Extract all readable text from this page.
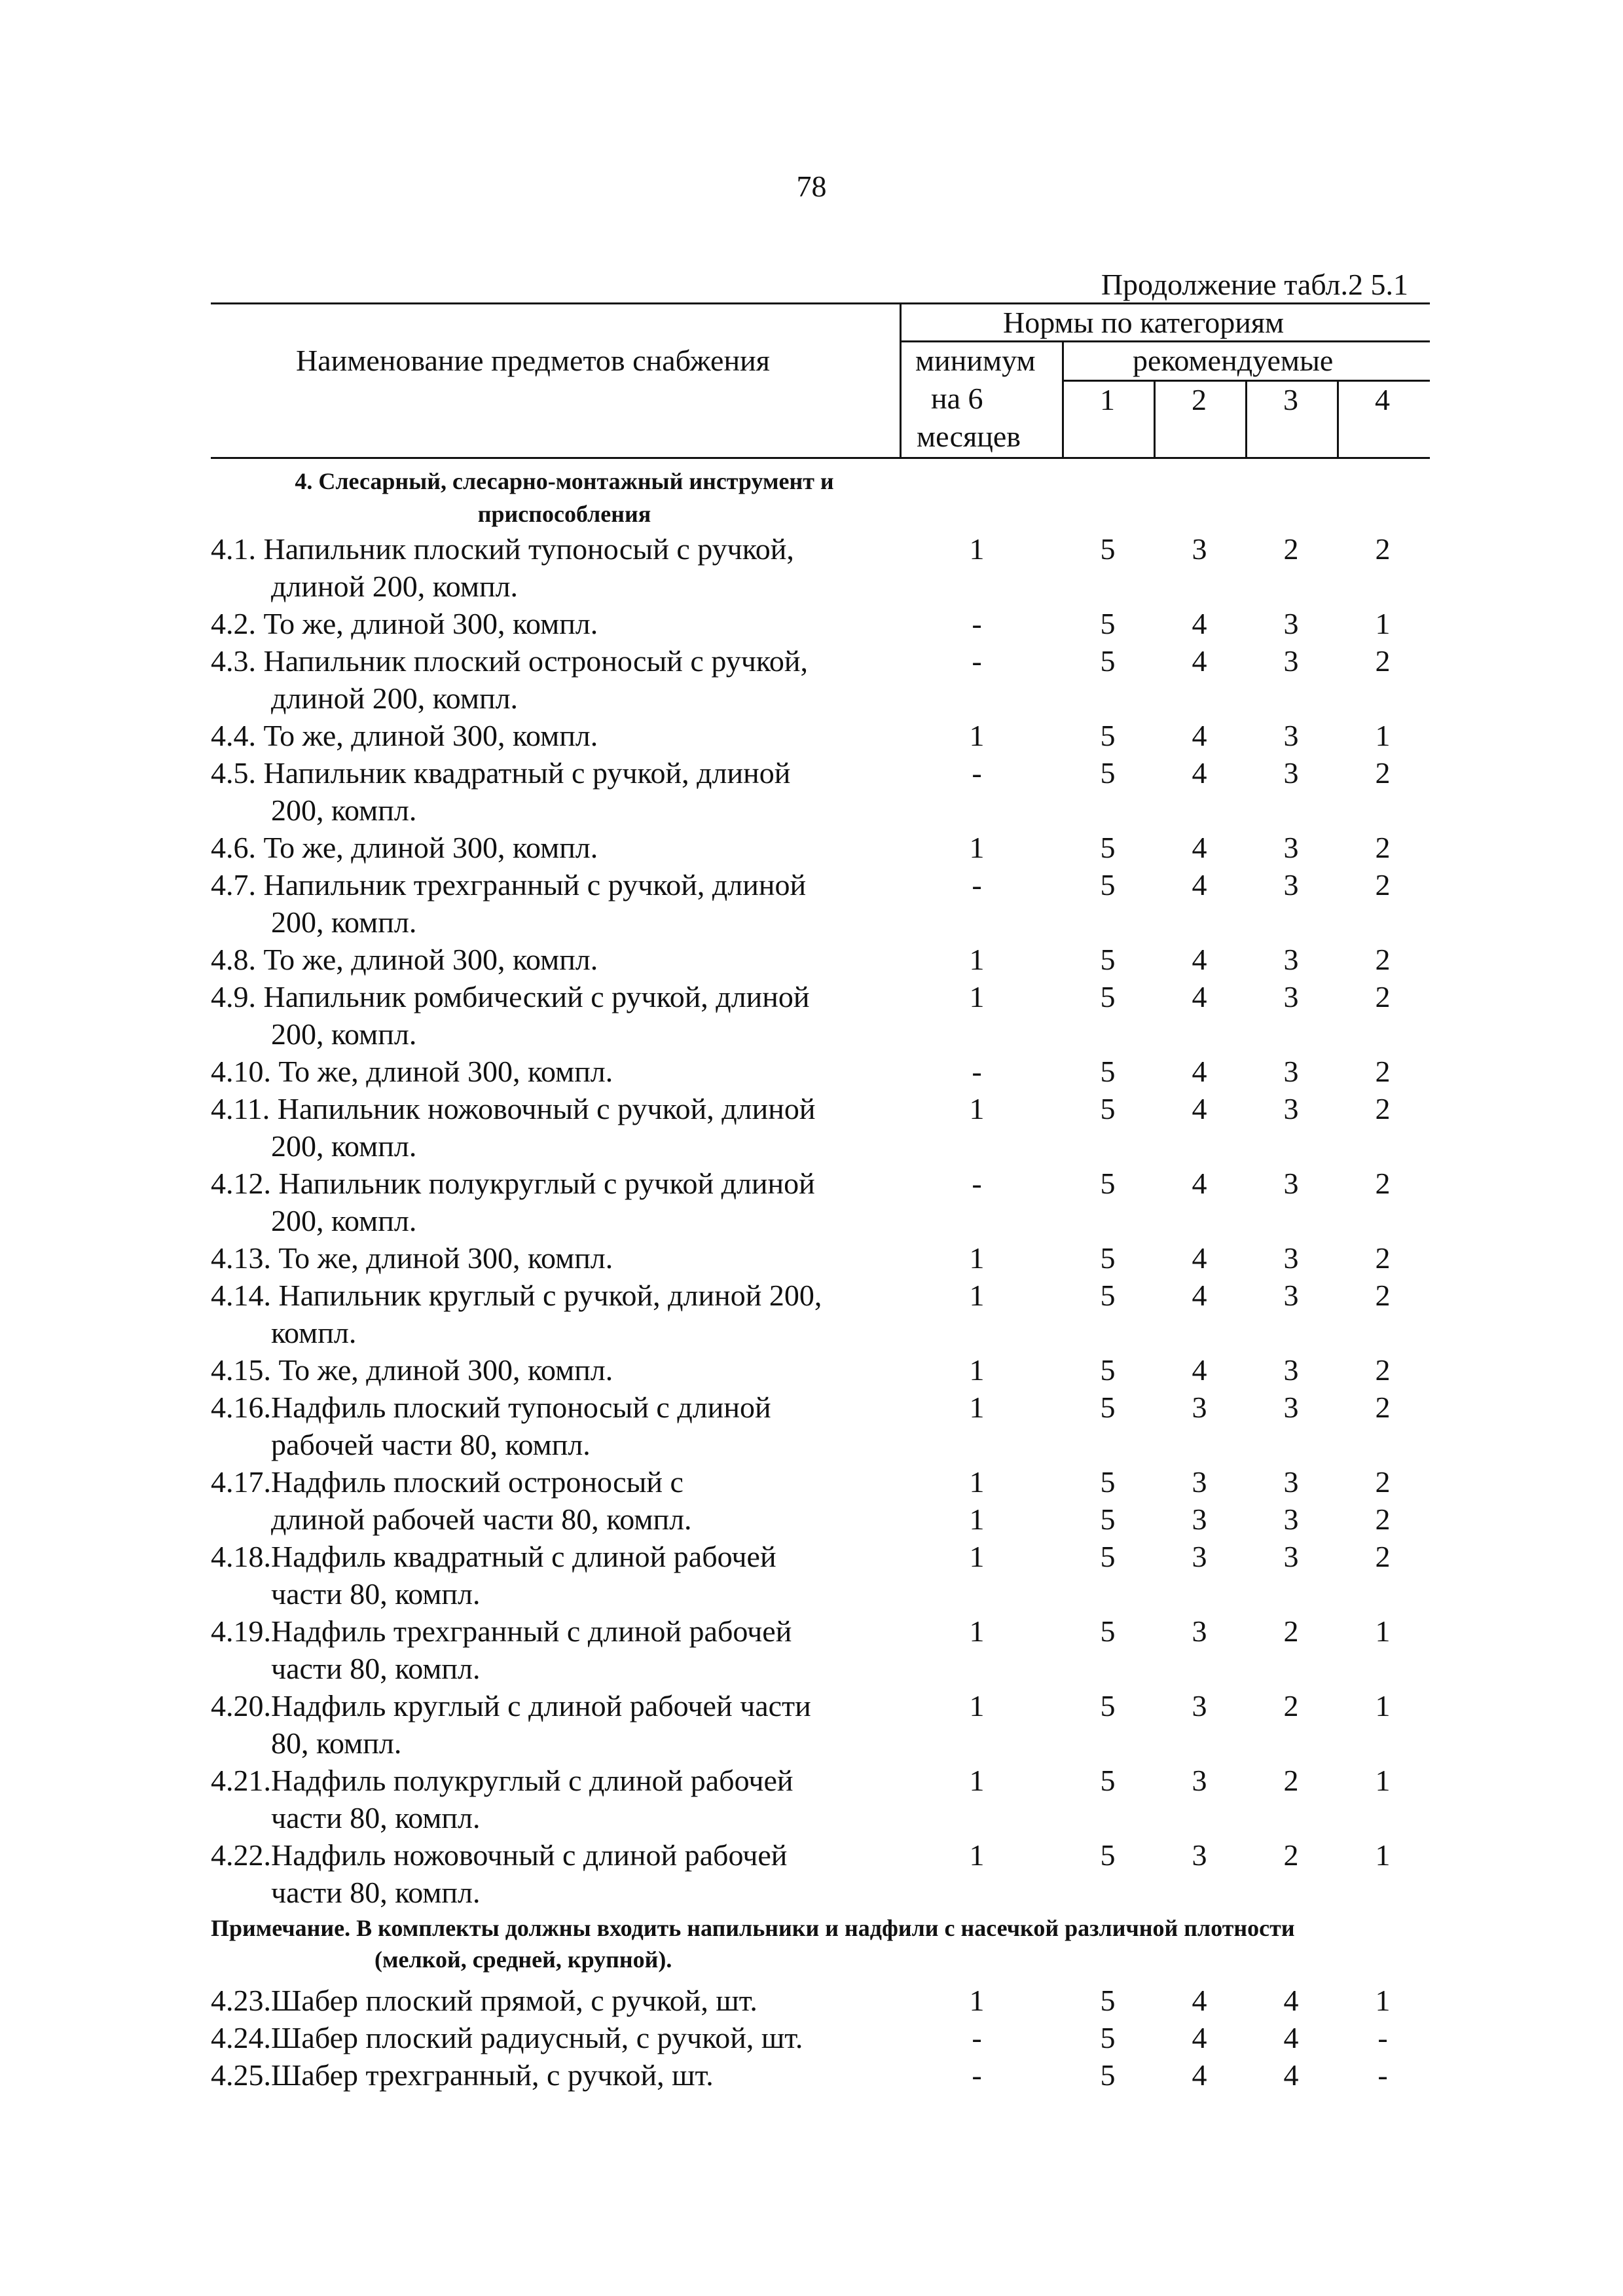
78
Продолжение табл.2 5.1
Наименование предметов снабжения
Нормы по категориям
минимум
на 6
месяцев
рекомендуемые
1	2	3	4
4. Слесарный, слесарно-монтажный инструмент и
приспособления
4.1. Напильник плоский тупоносый с ручкой,
длиной 200, компл.
1	5	3	2	2
4.2. То же, длиной 300, компл.	-	5	4	3	1
4.3. Напильник плоский остроносый с ручкой,
длиной 200, компл.
-	5	4	3	2
4.4. То же, длиной 300, компл.	1	5	4	3	1
4.5. Напильник квадратный с ручкой, длиной
200, компл.
-	5	4	3	2
4.6. То же, длиной 300, компл.	1	5	4	3	2
4.7. Напильник трехгранный с ручкой, длиной
200, компл.
-	5	4	3	2
4.8. То же, длиной 300, компл.	1	5	4	3	2
4.9. Напильник ромбический с ручкой, длиной
200, компл.
1	5	4	3	2
4.10. То же, длиной 300, компл.	-	5	4	3	2
4.11. Напильник ножовочный с ручкой, длиной
200, компл.
1	5	4	3	2
4.12. Напильник полукруглый с ручкой длиной
200, компл.
-	5	4	3	2
4.13. То же, длиной 300, компл.	1	5	4	3	2
4.14. Напильник круглый с ручкой, длиной 200,
компл.
1	5	4	3	2
4.15. То же, длиной 300, компл.	1	5	4	3	2
4.16.Надфиль плоский тупоносый с длиной
рабочей части 80, компл.
1	5	3	3	2
4.17.Надфиль плоский остроносый с	1	5	3	3	2
длиной рабочей части 80, компл.	1	5	3	3	2
4.18.Надфиль квадратный с длиной рабочей
части 80, компл.
1	5	3	3	2
4.19.Надфиль трехгранный с длиной рабочей
части 80, компл.
1	5	3	2	1
4.20.Надфиль круглый с длиной рабочей части
80, компл.
1	5	3	2	1
4.21.Надфиль полукруглый с длиной рабочей
части 80, компл.
1	5	3	2	1
4.22.Надфиль ножовочный с длиной рабочей
части 80, компл.
1	5	3	2	1
Примечание. В комплекты должны входить напильники и надфили с насечкой различной плотности
(мелкой, средней, крупной).
4.23.Шабер плоский прямой, с ручкой, шт.	1	5	4	4	1
4.24.Шабер плоский радиусный, с ручкой, шт.	-	5	4	4	-
4.25.Шабер трехгранный, с ручкой, шт.	-	5	4	4	-
